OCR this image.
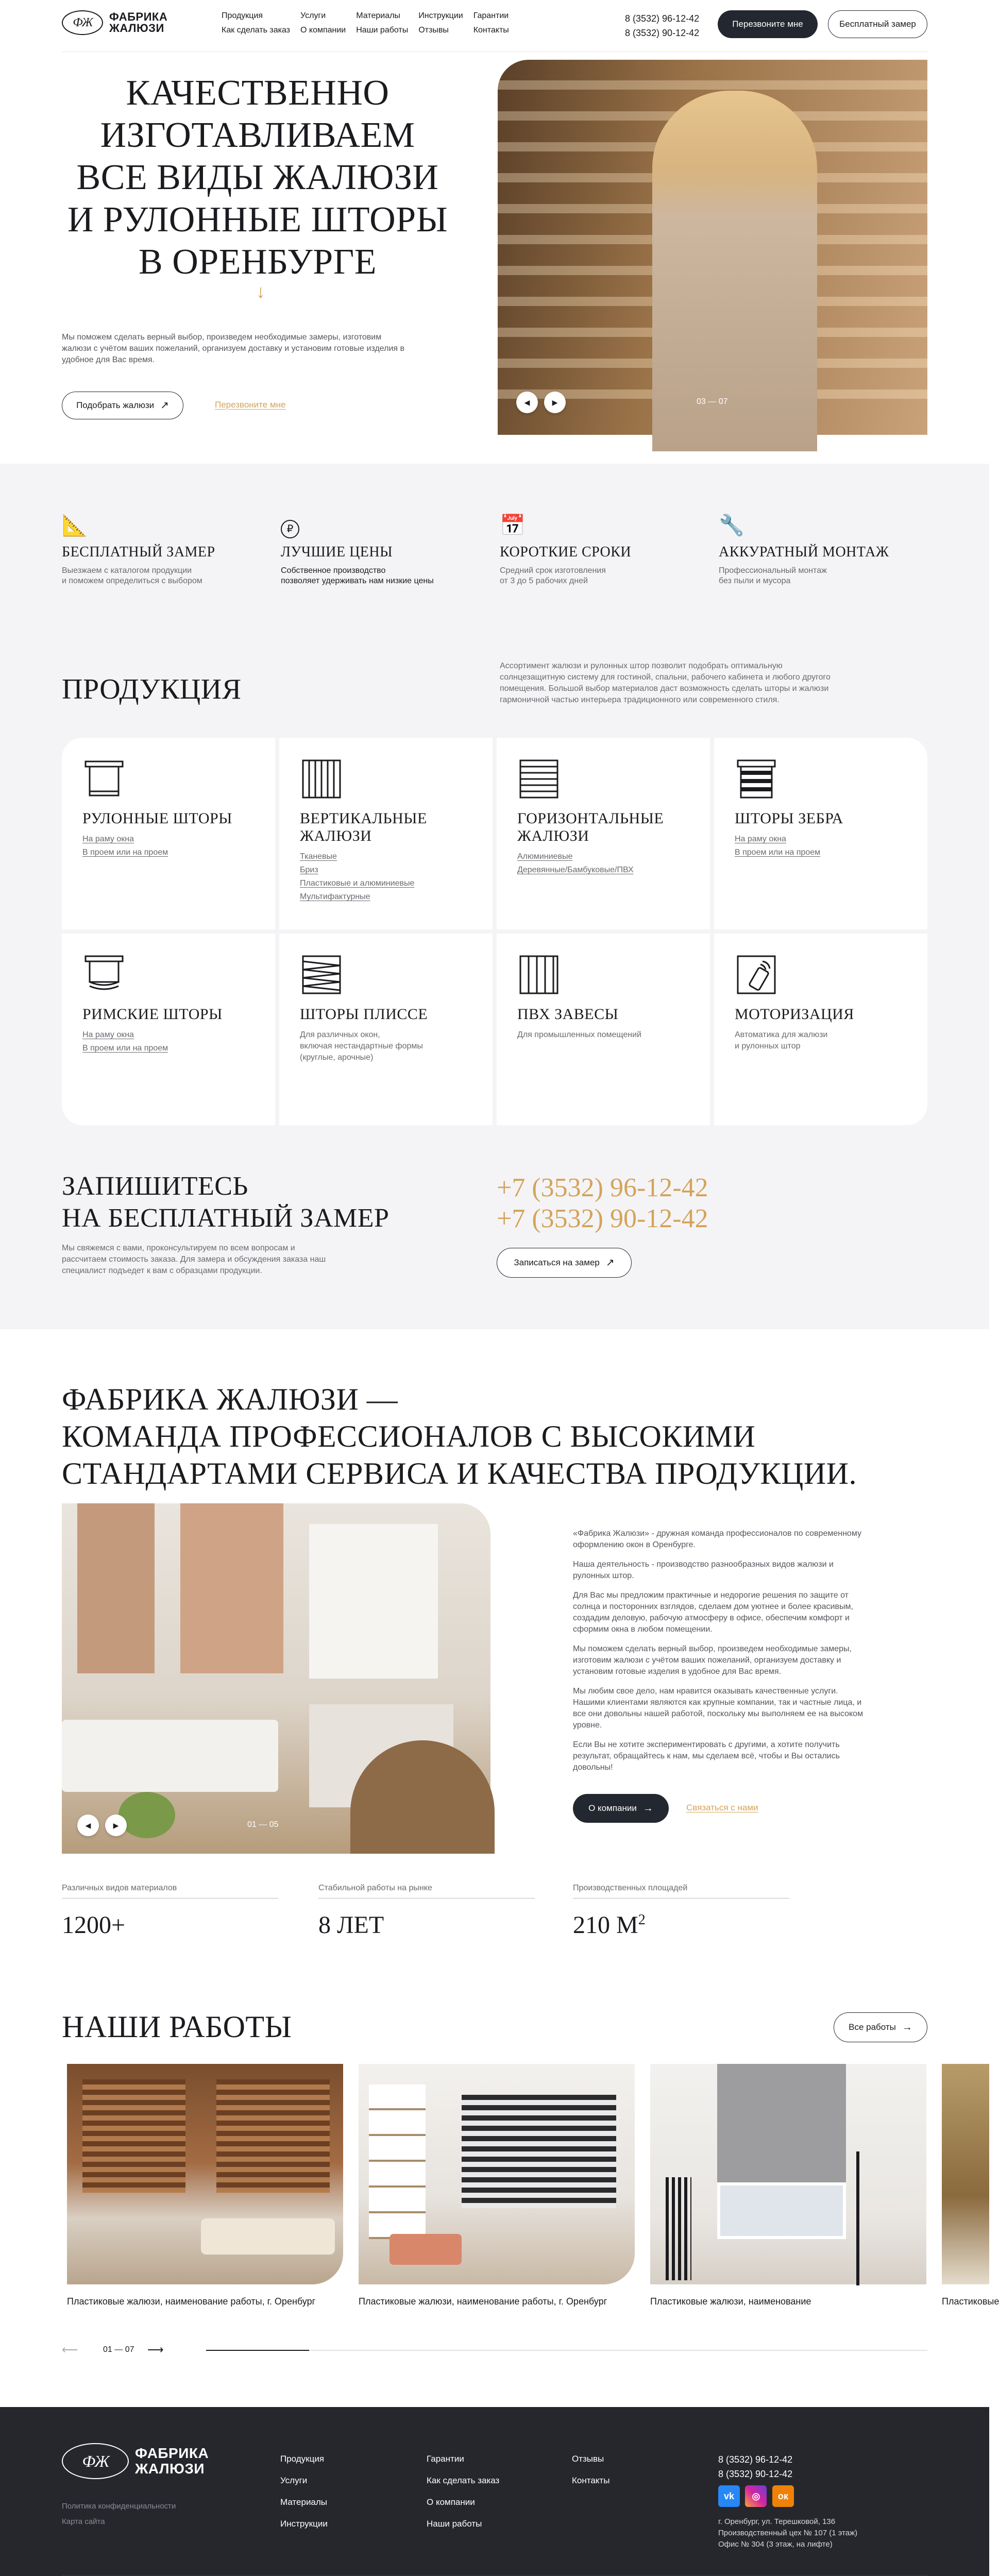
ФЖ	ФАБРИКА
ЖАЛЮЗИ
Продукция	Услуги	Материалы	Инструкции Гарантии
Как сделать заказ О компании Наши работы Отзывы	Контакты
8 (3532) 96-12-42
8 (3532) 90-12-42
Перезвоните мне	Бесплатный замер
КАЧЕСТВЕННО
ИЗГОТАВЛИВАЕМ
ВСЕ ВИДЫ ЖАЛЮЗИ
И РУЛОННЫЕ ШТОРЫ
В ОРЕНБУРГЕ
↓

Мы поможем сделать верный выбор, произведем необходимые замеры, изготовим жалюзи с учётом ваших пожеланий, организуем доставку и установим готовые изделия в удобное для Вас время.

Подобрать жалюзи ↗	Перезвоните мне	◀	▶	03 — 07
📐
БЕСПЛАТНЫЙ ЗАМЕР
Выезжаем с каталогом продукции
и поможем определиться с выбором
₽
ЛУЧШИЕ ЦЕНЫ
Собственное производство
позволяет удерживать нам низкие цены
📅
КОРОТКИЕ СРОКИ
Средний срок изготовления
от 3 до 5 рабочих дней
🔧
АККУРАТНЫЙ МОНТАЖ
Профессиональный монтаж
без пыли и мусора
ПРОДУКЦИЯ

Ассортимент жалюзи и рулонных штор позволит подобрать оптимальную солнцезащитную систему для гостиной, спальни, рабочего кабинета и любого другого помещения. Большой выбор материалов даст возможность сделать шторы и жалюзи гармоничной частью интерьера традиционного или современного стиля.

РУЛОННЫЕ ШТОРЫ
На раму окна
В проем или на проем
ВЕРТИКАЛЬНЫЕ ЖАЛЮЗИ
Тканевые
Бриз
Пластиковые и алюминиевые
Мультифактурные
ГОРИЗОНТАЛЬНЫЕ ЖАЛЮЗИ
Алюминиевые
Деревянные/Бамбуковые/ПВХ
ШТОРЫ ЗЕБРА
На раму окна
В проем или на проем
РИМСКИЕ ШТОРЫ
На раму окна
В проем или на проем
ШТОРЫ ПЛИССЕ
Для различных окон,
включая нестандартные формы
(круглые, арочные)
ПВХ ЗАВЕСЫ
Для промышленных помещений
МОТОРИЗАЦИЯ
Автоматика для жалюзи
и рулонных штор
ЗАПИШИТЕСЬ
НА БЕСПЛАТНЫЙ ЗАМЕР

Мы свяжемся с вами, проконсультируем по всем вопросам и рассчитаем стоимость заказа. Для замера и обсуждения заказа наш специалист подъедет к вам с образцами продукции.

+7 (3532) 96-12-42
+7 (3532) 90-12-42
Записаться на замер ↗
ФАБРИКА ЖАЛЮЗИ —
КОМАНДА ПРОФЕССИОНАЛОВ С ВЫСОКИМИ
СТАНДАРТАМИ СЕРВИСА И КАЧЕСТВА ПРОДУКЦИИ.
◀	▶	01 — 05

«Фабрика Жалюзи» - дружная команда профессионалов по современному оформлению окон в Оренбурге.

Наша деятельность - производство разнообразных видов жалюзи и рулонных штор.

Для Вас мы предложим практичные и недорогие решения по защите от солнца и посторонних взглядов, сделаем дом уютнее и более красивым, создадим деловую, рабочую атмосферу в офисе, обеспечим комфорт и сформим окна в любом помещении.

Мы поможем сделать верный выбор, произведем необходимые замеры, изготовим жалюзи с учётом ваших пожеланий, организуем доставку и установим готовые изделия в удобное для Вас время.

Мы любим свое дело, нам нравится оказывать качественные услуги. Нашими клиентами являются как крупные компании, так и частные лица, и все они довольны нашей работой, поскольку мы выполняем ее на высоком уровне.

Если Вы не хотите экспериментировать с другими, а хотите получить результат, обращайтесь к нам, мы сделаем всё, чтобы и Вы остались довольны!

О компании →	Связаться с нами
Различных видов материалов
1200+
Стабильной работы на рынке
8 ЛЕТ
Производственных площадей
210 $М^2$
НАШИ РАБОТЫ	Все работы →
Пластиковые жалюзи, наименование работы, г. Оренбург	Пластиковые жалюзи, наименование работы, г. Оренбург	Пластиковые жалюзи, наименование	Пластиковые
⟵	01 — 07 ⟶
ФЖ	ФАБРИКА
ЖАЛЮЗИ
Политика конфиденциальности
Карта сайта
Продукция
Услуги
Материалы
Инструкции
Гарантии
Как сделать заказ
О компании
Наши работы
Отзывы
Контакты
8 (3532) 96-12-42
8 (3532) 90-12-42
vk ◎ ок
г. Оренбург, ул. Терешковой, 136
Производственный цех № 107 (1 этаж)
Офис № 304 (3 этаж, на лифте)
